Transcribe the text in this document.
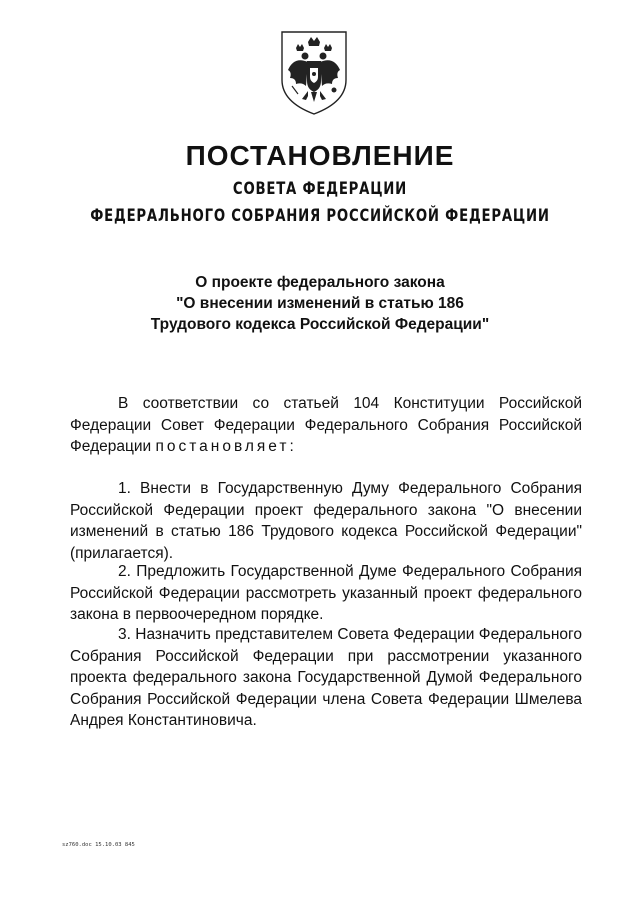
ПОСТАНОВЛЕНИЕ
СОВЕТА ФЕДЕРАЦИИ
ФЕДЕРАЛЬНОГО СОБРАНИЯ РОССИЙСКОЙ ФЕДЕРАЦИИ
О проекте федерального закона
"О внесении изменений в статью 186
Трудового кодекса Российской Федерации"

В соответствии со статьей 104 Конституции Российской Федерации Совет Федерации Федерального Собрания Российской Федерации постановляет:

1. Внести в Государственную Думу Федерального Собрания Российской Федерации проект федерального закона "О внесении изменений в статью 186 Трудового кодекса Российской Федерации" (прилагается).

2. Предложить Государственной Думе Федерального Собрания Российской Федерации рассмотреть указанный проект федерального закона в первоочередном порядке.

3. Назначить представителем Совета Федерации Федерального Собрания Российской Федерации при рассмотрении указанного проекта федерального закона Государственной Думой Федерального Собрания Российской Федерации члена Совета Федерации Шмелева Андрея Константиновича.

sz760.doc 15.10.03 845
